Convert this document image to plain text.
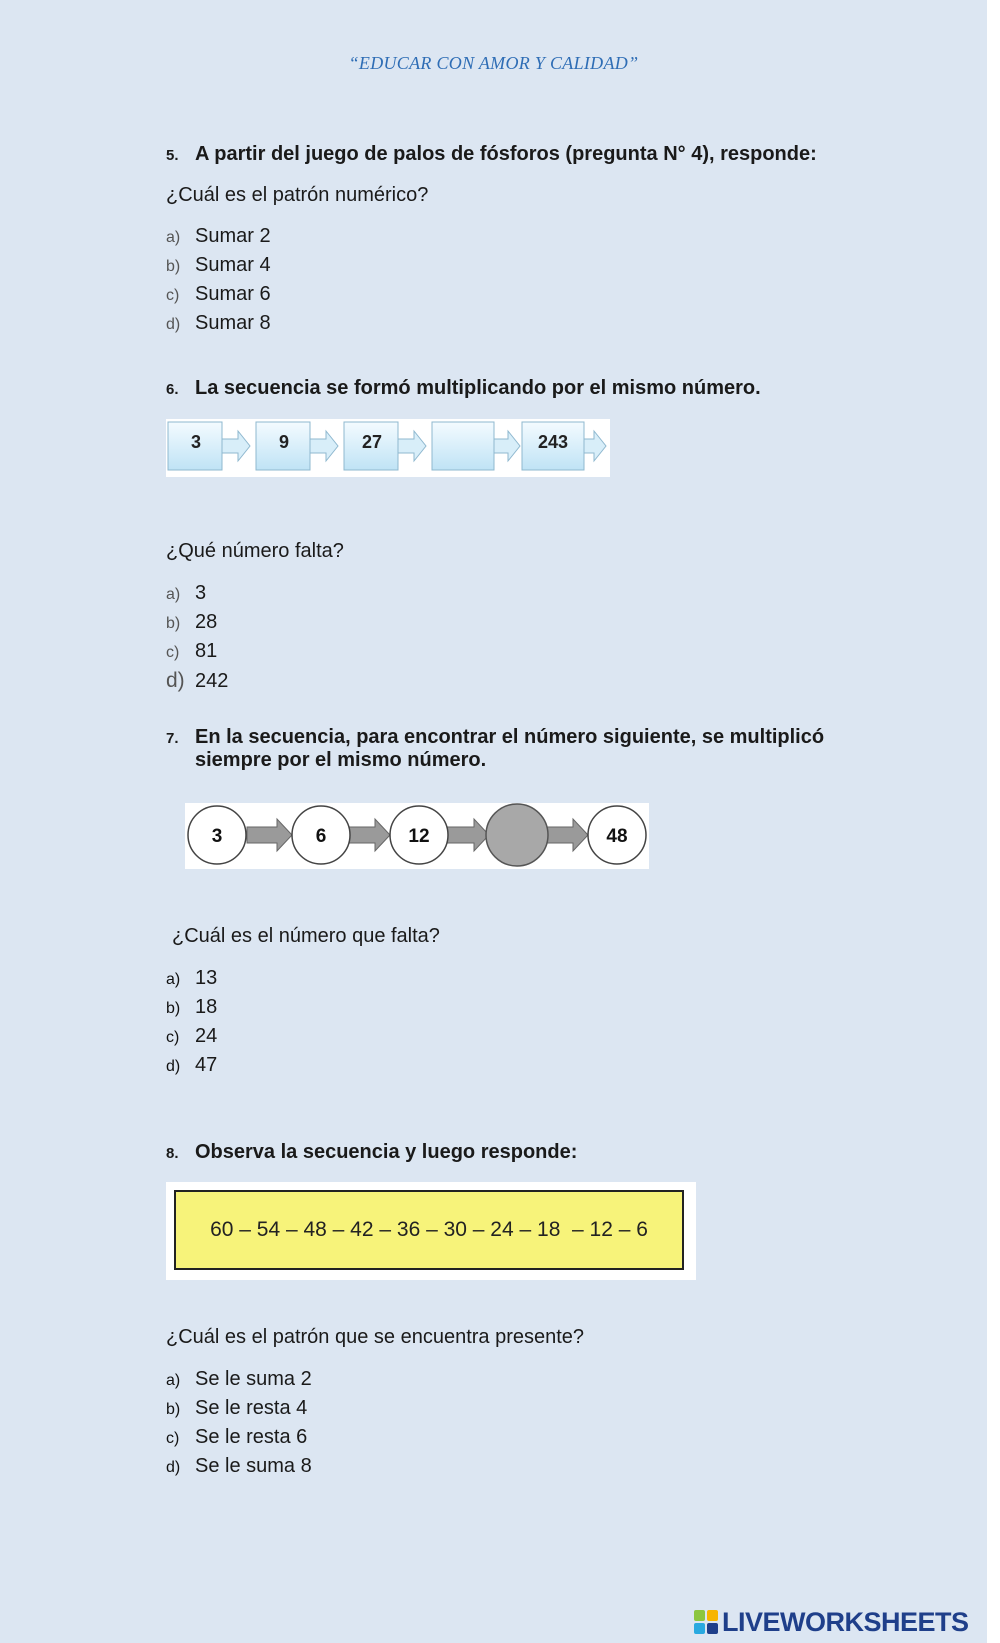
“EDUCAR CON AMOR Y CALIDAD”
5. A partir del juego de palos de fósforos (pregunta N° 4), responde:
¿Cuál es el patrón numérico?
a) Sumar 2
b) Sumar 4
c) Sumar 6
d) Sumar 8
6. La secuencia se formó multiplicando por el mismo número.
3	9	27	243
¿Qué número falta?
a) 3
b) 28
c) 81
d) 242
7. En la secuencia, para encontrar el número siguiente, se multiplicó
siempre por el mismo número.
3	6	12	48
¿Cuál es el número que falta?
a) 13
b) 18
c) 24
d) 47
8. Observa la secuencia y luego responde:
60 – 54 – 48 – 42 – 36 – 30 – 24 – 18  – 12 – 6
¿Cuál es el patrón que se encuentra presente?
a) Se le suma 2
b) Se le resta 4
c) Se le resta 6
d) Se le suma 8
LIVEWORKSHEETS
